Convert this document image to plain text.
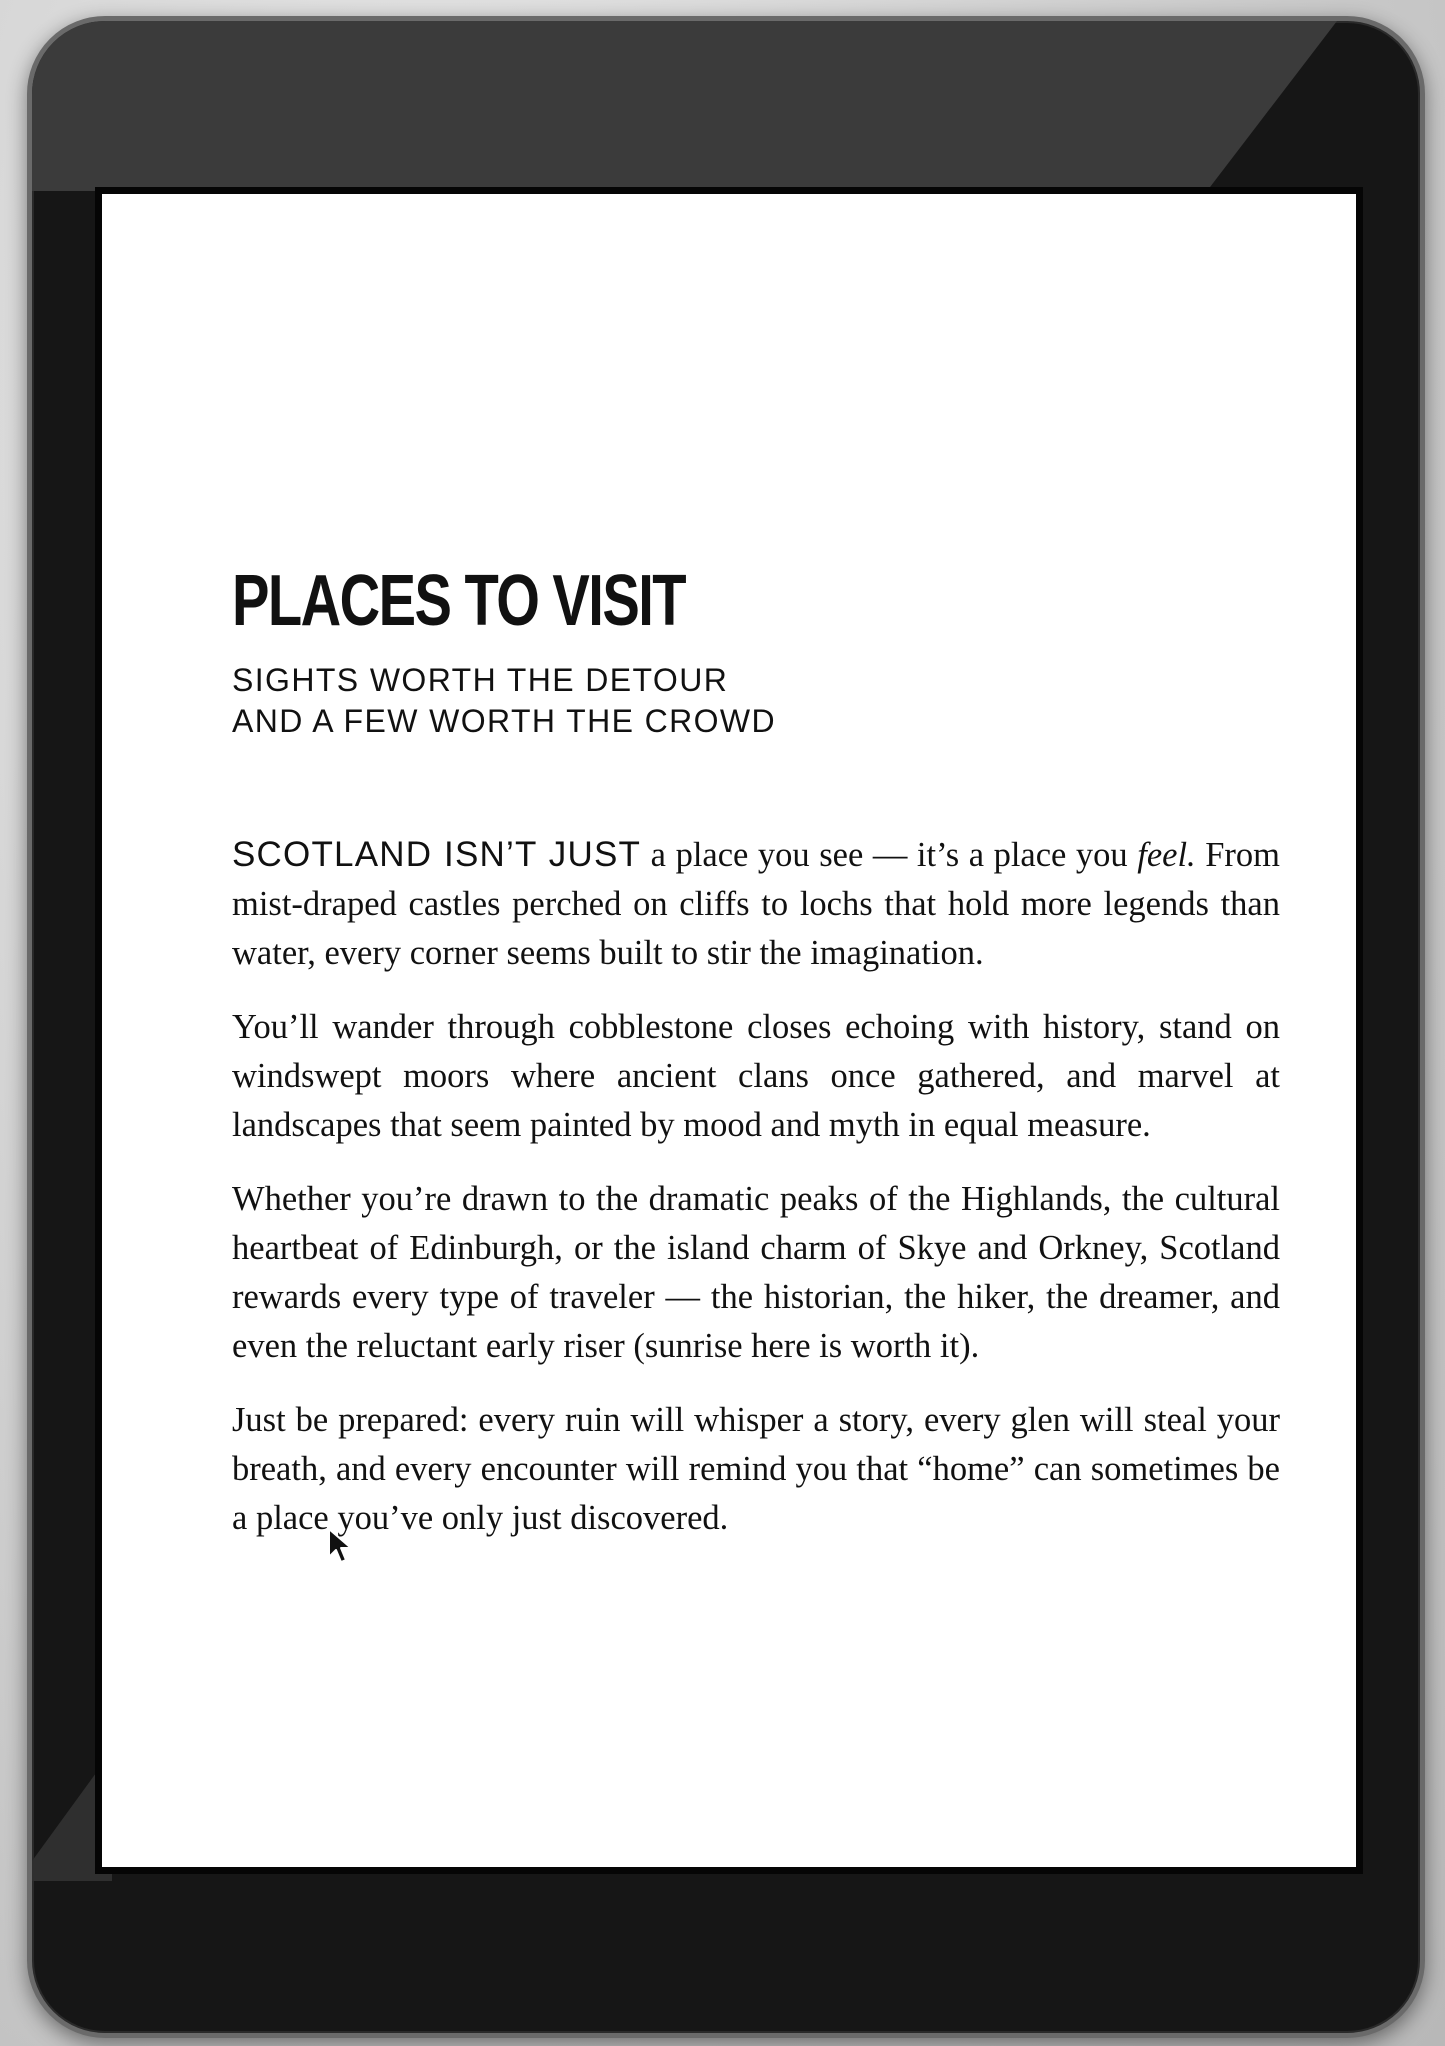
PLACES TO VISIT
SIGHTS WORTH THE DETOUR
AND A FEW WORTH THE CROWD

SCOTLAND ISN’T JUST a place you see — it’s a place you feel. From mist-draped castles perched on cliffs to lochs that hold more legends than water, every corner seems built to stir the imagination.

You’ll wander through cobblestone closes echoing with history, stand on windswept moors where ancient clans once gathered, and marvel at landscapes that seem painted by mood and myth in equal measure.

Whether you’re drawn to the dramatic peaks of the Highlands, the cultural heartbeat of Edinburgh, or the island charm of Skye and Orkney, Scotland rewards every type of traveler — the historian, the hiker, the dreamer, and even the reluctant early riser (sunrise here is worth it).

Just be prepared: every ruin will whisper a story, every glen will steal your breath, and every encounter will remind you that “home” can sometimes be a place you’ve only just discovered.
